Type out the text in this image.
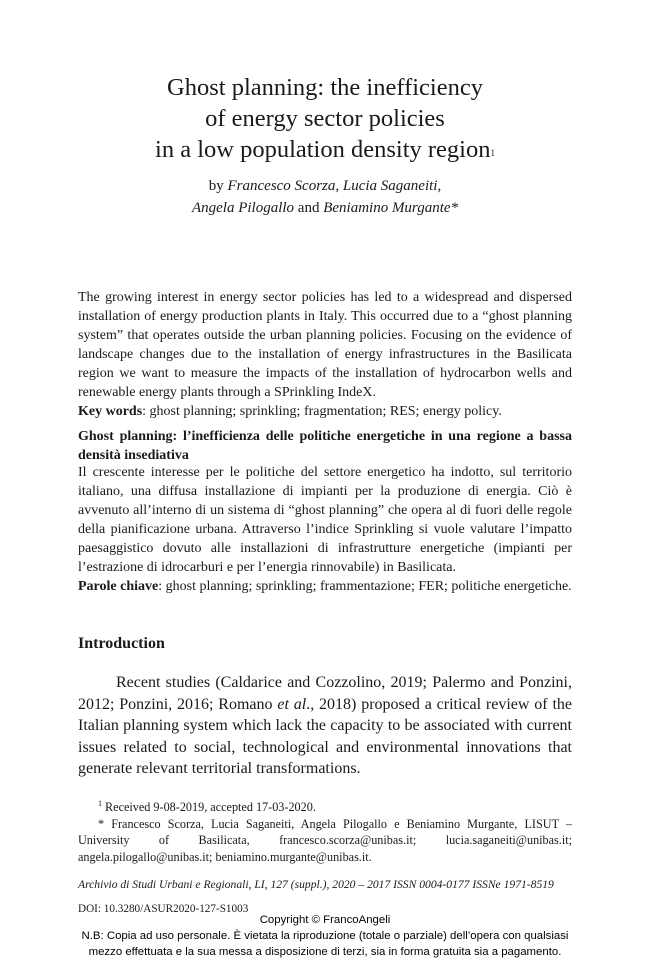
Ghost planning: the inefficiency
of energy sector policies
in a low population density region$^1$
by Francesco Scorza, Lucia Saganeiti,
Angela Pilogallo and Beniamino Murgante*

The growing interest in energy sector policies has led to a widespread and dispersed installation of energy production plants in Italy. This occurred due to a “ghost planning system” that operates outside the urban planning policies. Focusing on the evidence of landscape changes due to the installation of energy infrastructures in the Basilicata region we want to measure the impacts of the installation of hydrocarbon wells and renewable energy plants through a SPrinkling IndeX.

Key words: ghost planning; sprinkling; fragmentation; RES; energy policy.

Ghost planning: l’inefficienza delle politiche energetiche in una regione a bassa densità insediativa

Il crescente interesse per le politiche del settore energetico ha indotto, sul territorio italiano, una diffusa installazione di impianti per la produzione di energia. Ciò è avvenuto all’interno di un sistema di “ghost planning” che opera al di fuori delle regole della pianificazione urbana. Attraverso l’indice Sprinkling si vuole valutare l’impatto paesaggistico dovuto alle installazioni di infrastrutture energetiche (impianti per l’estrazione di idrocarburi e per l’energia rinnovabile) in Basilicata.

Parole chiave: ghost planning; sprinkling; frammentazione; FER; politiche energetiche.

Introduction
Recent studies (Caldarice and Cozzolino, 2019; Palermo and Ponzini, 2012; Ponzini, 2016; Romano et al., 2018) proposed a critical review of the Italian planning system which lack the capacity to be associated with current issues related to social, technological and environmental innovations that generate relevant territorial transformations.

$^1$ Received 9-08-2019, accepted 17-03-2020.

* Francesco Scorza, Lucia Saganeiti, Angela Pilogallo e Beniamino Murgante, LISUT – University of Basilicata, francesco.scorza@unibas.it; lucia.saganeiti@unibas.it; angela.pilogallo@unibas.it; beniamino.murgante@unibas.it.

Archivio di Studi Urbani e Regionali, LI, 127 (suppl.), 2020 – 2017 ISSN 0004-0177 ISSNe 1971-8519
DOI: 10.3280/ASUR2020-127-S1003
Copyright © FrancoAngeli
N.B: Copia ad uso personale. È vietata la riproduzione (totale o parziale) dell’opera con qualsiasi
mezzo effettuata e la sua messa a disposizione di terzi, sia in forma gratuita sia a pagamento.
